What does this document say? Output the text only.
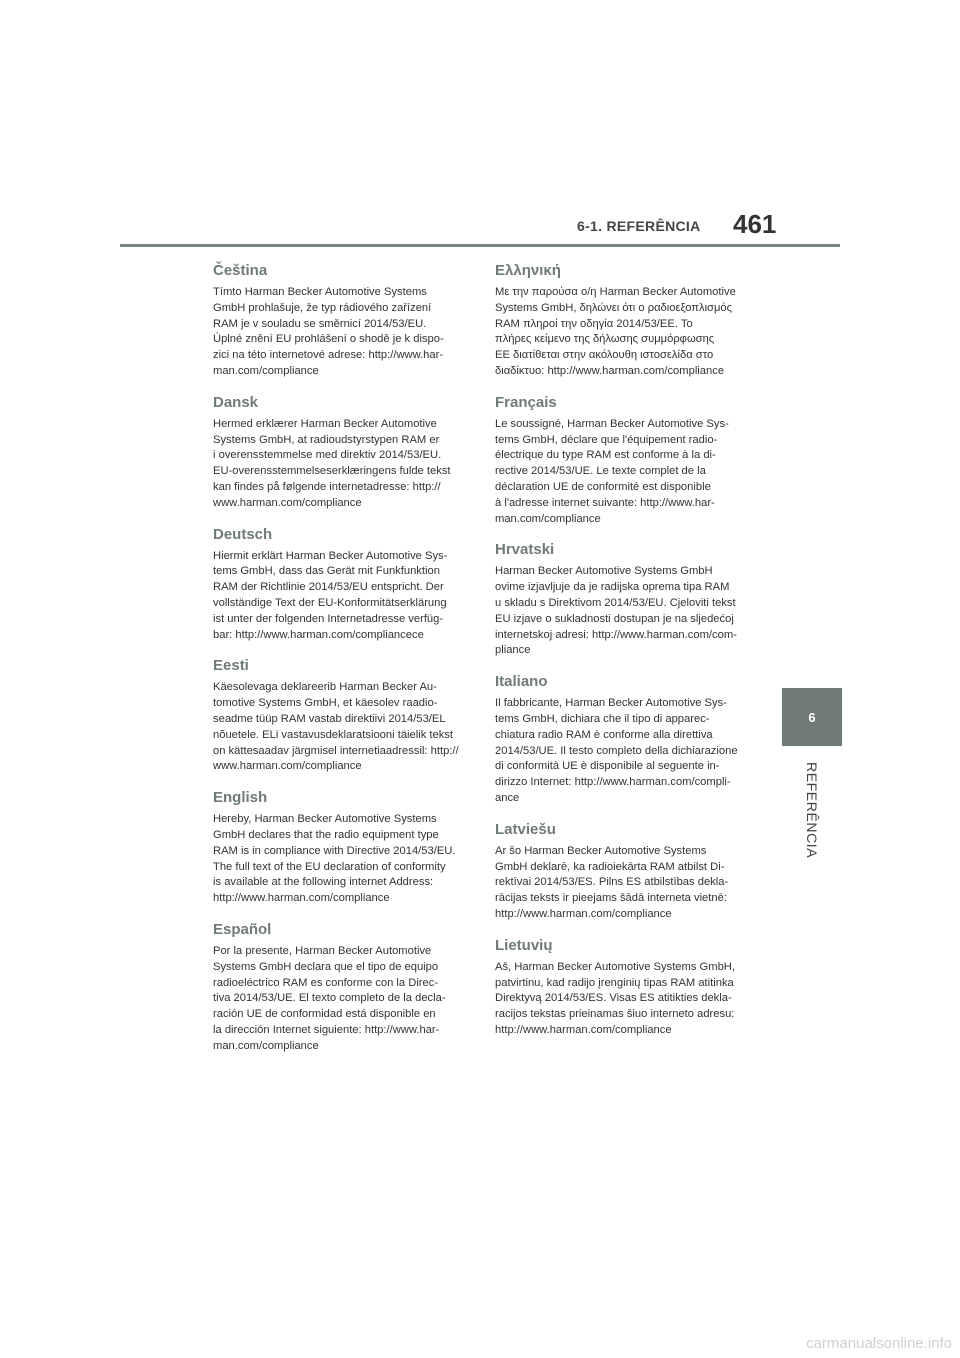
6-1. REFERÊNCIA 461
6
REFERÊNCIA
Čeština

Tímto Harman Becker Automotive Systems
GmbH prohlašuje, že typ rádiového zařízení
RAM je v souladu se směrnicí 2014/53/EU.
Úplné znění EU prohlášení o shodě je k dispo-
zici na této internetové adrese: http://www.har-
man.com/compliance

Dansk

Hermed erklærer Harman Becker Automotive
Systems GmbH, at radioudstyrstypen RAM er
i overensstemmelse med direktiv 2014/53/EU.
EU-overensstemmelseserklæringens fulde tekst
kan findes på følgende internetadresse: http://
www.harman.com/compliance

Deutsch

Hiermit erklärt Harman Becker Automotive Sys-
tems GmbH, dass das Gerät mit Funkfunktion
RAM der Richtlinie 2014/53/EU entspricht. Der
vollständige Text der EU-Konformitätserklärung
ist unter der folgenden Internetadresse verfüg-
bar: http://www.harman.com/compliancece

Eesti

Käesolevaga deklareerib Harman Becker Au-
tomotive Systems GmbH, et käesolev raadio-
seadme tüüp RAM vastab direktiivi 2014/53/EL
nõuetele. ELi vastavusdeklaratsiooni täielik tekst
on kättesaadav järgmisel internetiaadressil: http://
www.harman.com/compliance

English

Hereby, Harman Becker Automotive Systems
GmbH declares that the radio equipment type
RAM is in compliance with Directive 2014/53/EU.
The full text of the EU declaration of conformity
is available at the following internet Address:
http://www.harman.com/compliance

Español

Por la presente, Harman Becker Automotive
Systems GmbH declara que el tipo de equipo
radioeléctrico RAM es conforme con la Direc-
tiva 2014/53/UE. El texto completo de la decla-
ración UE de conformidad está disponible en
la dirección Internet siguiente: http://www.har-
man.com/compliance

Ελληνική

Με την παρούσα ο/η Harman Becker Automotive
Systems GmbH, δηλώνει ότι ο ραδιοεξοπλισμός
RAM πληροί την οδηγία 2014/53/ΕΕ. Το
πλήρες κείμενο της δήλωσης συμμόρφωσης
ΕΕ διατίθεται στην ακόλουθη ιστοσελίδα στο
διαδίκτυο: http://www.harman.com/compliance

Français

Le soussigné, Harman Becker Automotive Sys-
tems GmbH, déclare que l'équipement radio-
électrique du type RAM est conforme à la di-
rective 2014/53/UE. Le texte complet de la
déclaration UE de conformité est disponible
à l'adresse internet suivante: http://www.har-
man.com/compliance

Hrvatski

Harman Becker Automotive Systems GmbH
ovime izjavljuje da je radijska oprema tipa RAM
u skladu s Direktivom 2014/53/EU. Cjeloviti tekst
EU izjave o sukladnosti dostupan je na sljedećoj
internetskoj adresi: http://www.harman.com/com-
pliance

Italiano

Il fabbricante, Harman Becker Automotive Sys-
tems GmbH, dichiara che il tipo di apparec-
chiatura radio RAM è conforme alla direttiva
2014/53/UE. Il testo completo della dichiarazione
di conformità UE è disponibile al seguente in-
dirizzo Internet: http://www.harman.com/compli-
ance

Latviešu

Ar šo Harman Becker Automotive Systems
GmbH deklarē, ka radioiekārta RAM atbilst Di-
rektīvai 2014/53/ES. Pilns ES atbilstības dekla-
rācijas teksts ir pieejams šādā interneta vietnē:
http://www.harman.com/compliance

Lietuvių

Aš, Harman Becker Automotive Systems GmbH,
patvirtinu, kad radijo įrenginių tipas RAM atitinka
Direktyvą 2014/53/ES. Visas ES atitikties dekla-
racijos tekstas prieinamas šiuo interneto adresu:
http://www.harman.com/compliance

carmanualsonline.info
